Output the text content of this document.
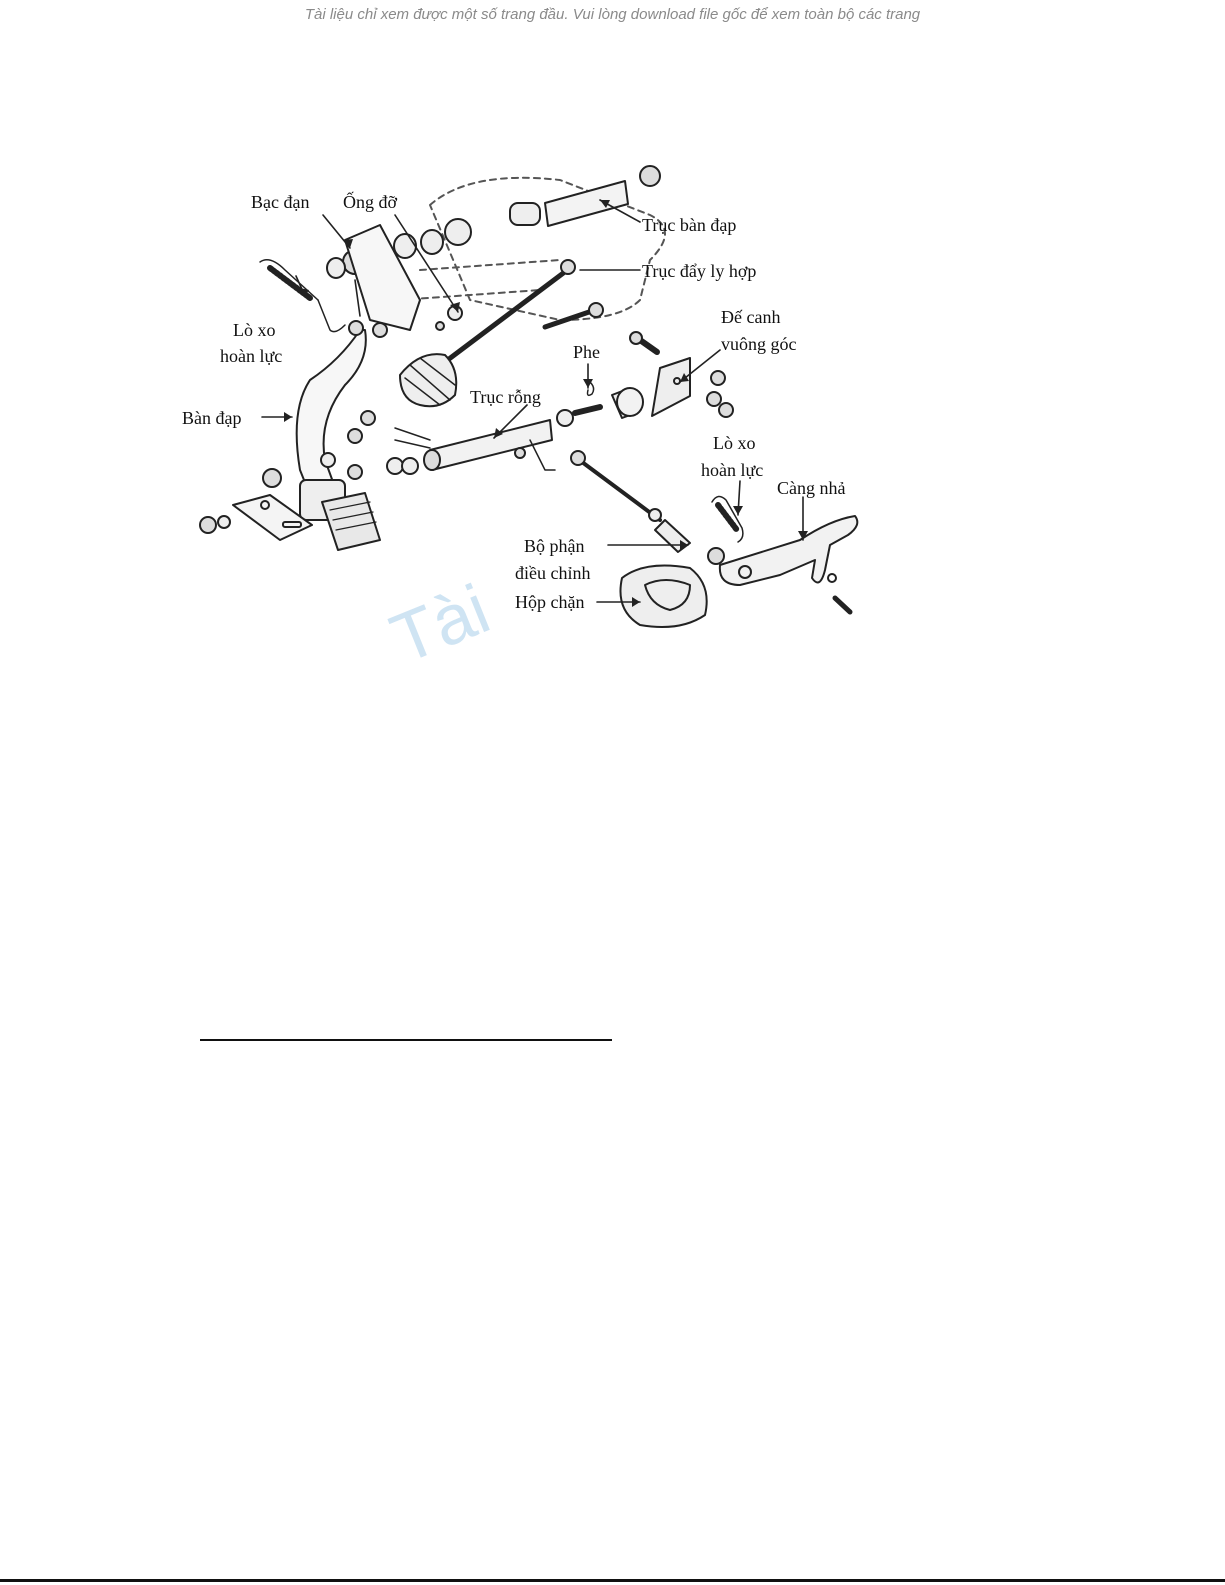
Tài liệu chỉ xem được một số trang đầu. Vui lòng download file gốc để xem toàn bộ các trang
Bạc đạn Ống đỡ
Trục bàn đạp
Trục đẩy ly hợp
Lò xo
hoàn lực
Đế canh
vuông góc
Phe
Bàn đạp
Trục rỗng
Lò xo
hoàn lực
Càng nhả
Bộ phận
điều chỉnh
Hộp chặn
Tài
